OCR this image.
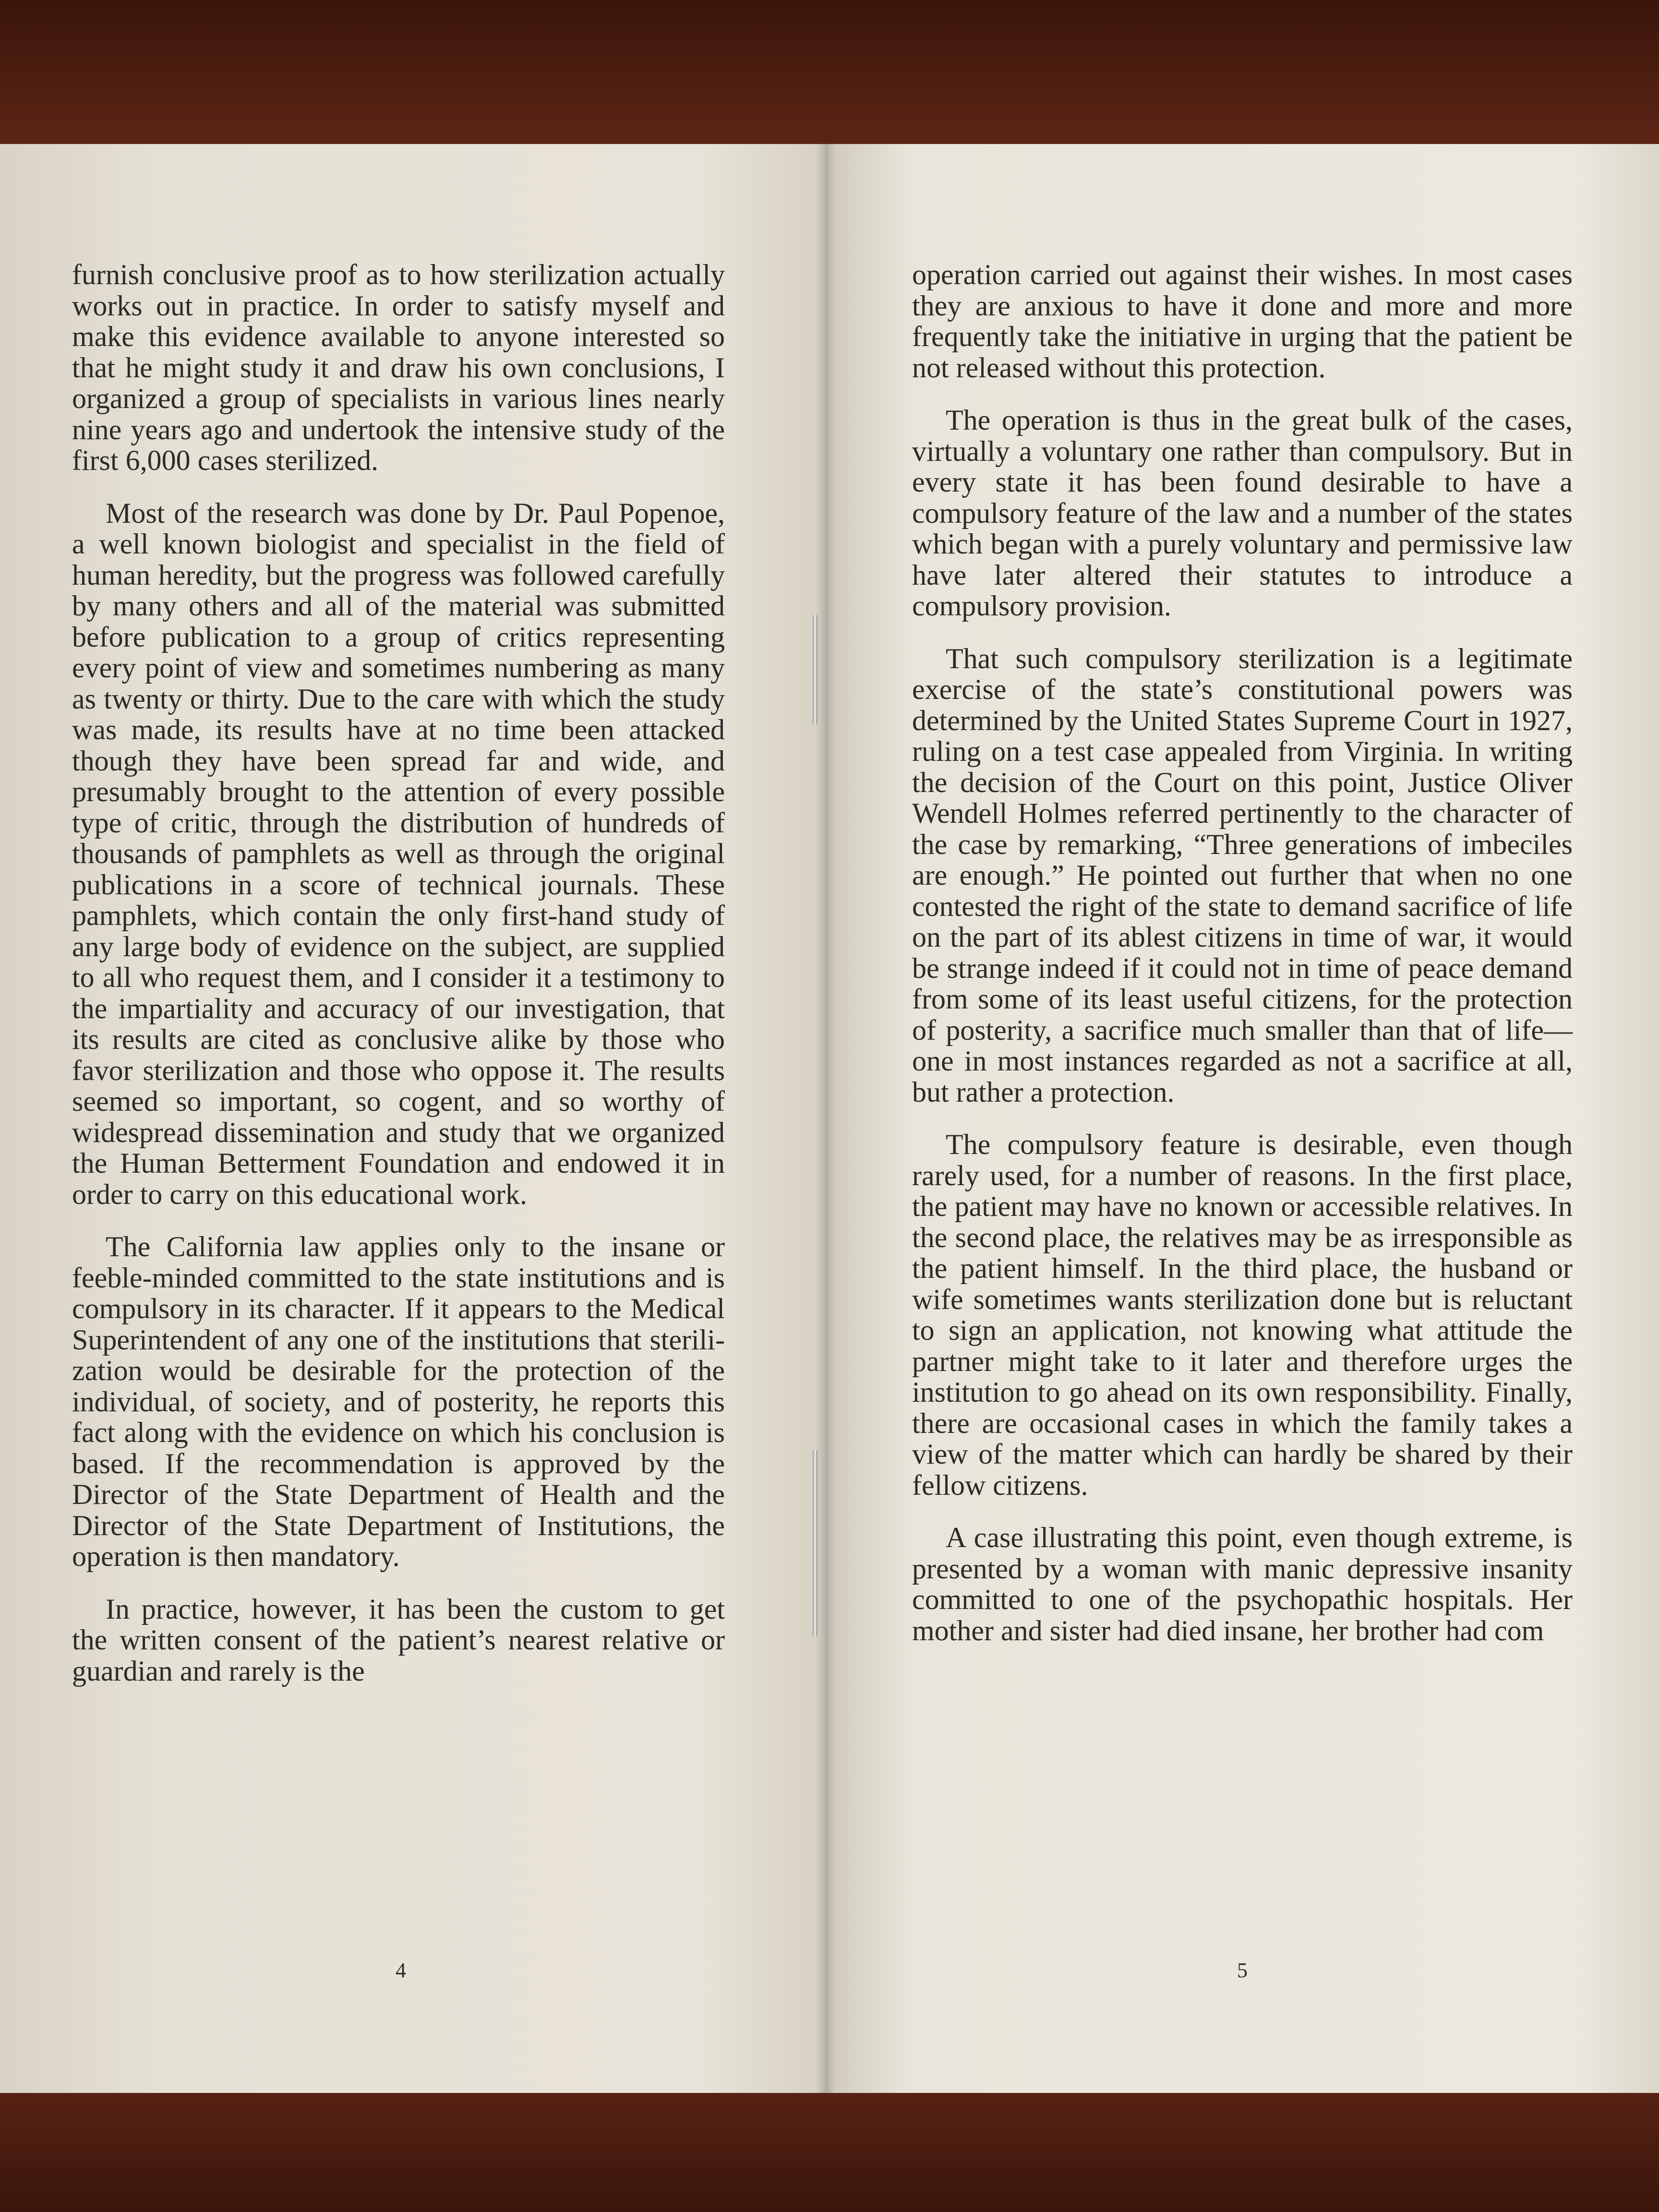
furnish conclusive proof as to how sterilization actually works out in practice. In order to satisfy myself and make this evidence available to anyone interested so that he might study it and draw his own conclusions, I organized a group of specialists in various lines nearly nine years ago and undertook the intensive study of the first 6,000 cases sterilized.

Most of the research was done by Dr. Paul Popenoe, a well known biologist and specialist in the field of human heredity, but the progress was followed carefully by many others and all of the material was submitted before publication to a group of critics representing every point of view and sometimes numbering as many as twenty or thirty. Due to the care with which the study was made, its results have at no time been attacked though they have been spread far and wide, and presumably brought to the attention of every possible type of critic, through the distribution of hundreds of thousands of pamphlets as well as through the original publications in a score of technical journals. These pamphlets, which contain the only first-hand study of any large body of evidence on the subject, are supplied to all who request them, and I consider it a testimony to the impartiality and accuracy of our investigation, that its results are cited as conclusive alike by those who favor sterilization and those who oppose it. The results seemed so important, so cogent, and so worthy of widespread dissemination and study that we organized the Human Betterment Foundation and endowed it in order to carry on this educational work.

The California law applies only to the insane or feeble-minded committed to the state institutions and is compulsory in its character. If it appears to the Medical Superintendent of any one of the institutions that sterilization would be desirable for the protection of the individual, of society, and of posterity, he reports this fact along with the evidence on which his conclusion is based. If the recommendation is approved by the Director of the State Department of Health and the Director of the State Department of Institutions, the operation is then mandatory.

In practice, however, it has been the custom to get the written consent of the patient’s nearest relative or guardian and rarely is the

4

operation carried out against their wishes. In most cases they are anxious to have it done and more and more frequently take the initiative in urging that the patient be not released without this protection.

The operation is thus in the great bulk of the cases, virtually a voluntary one rather than compulsory. But in every state it has been found desirable to have a compulsory feature of the law and a number of the states which began with a purely voluntary and permissive law have later altered their statutes to introduce a compulsory provision.

That such compulsory sterilization is a legitimate exercise of the state’s constitutional powers was determined by the United States Supreme Court in 1927, ruling on a test case appealed from Virginia. In writing the decision of the Court on this point, Justice Oliver Wendell Holmes referred pertinently to the character of the case by remarking, “Three generations of imbeciles are enough.” He pointed out further that when no one contested the right of the state to demand sacrifice of life on the part of its ablest citizens in time of war, it would be strange indeed if it could not in time of peace demand from some of its least useful citizens, for the protection of posterity, a sacrifice much smaller than that of life—one in most instances regarded as not a sacrifice at all, but rather a protection.

The compulsory feature is desirable, even though rarely used, for a number of reasons. In the first place, the patient may have no known or accessible relatives. In the second place, the relatives may be as irresponsible as the patient himself. In the third place, the husband or wife sometimes wants sterilization done but is reluctant to sign an application, not knowing what attitude the partner might take to it later and therefore urges the institution to go ahead on its own responsibility. Finally, there are occasional cases in which the family takes a view of the matter which can hardly be shared by their fellow citizens.

A case illustrating this point, even though extreme, is presented by a woman with manic depressive insanity committed to one of the psychopathic hospitals. Her mother and sister had died insane, her brother had com

5
